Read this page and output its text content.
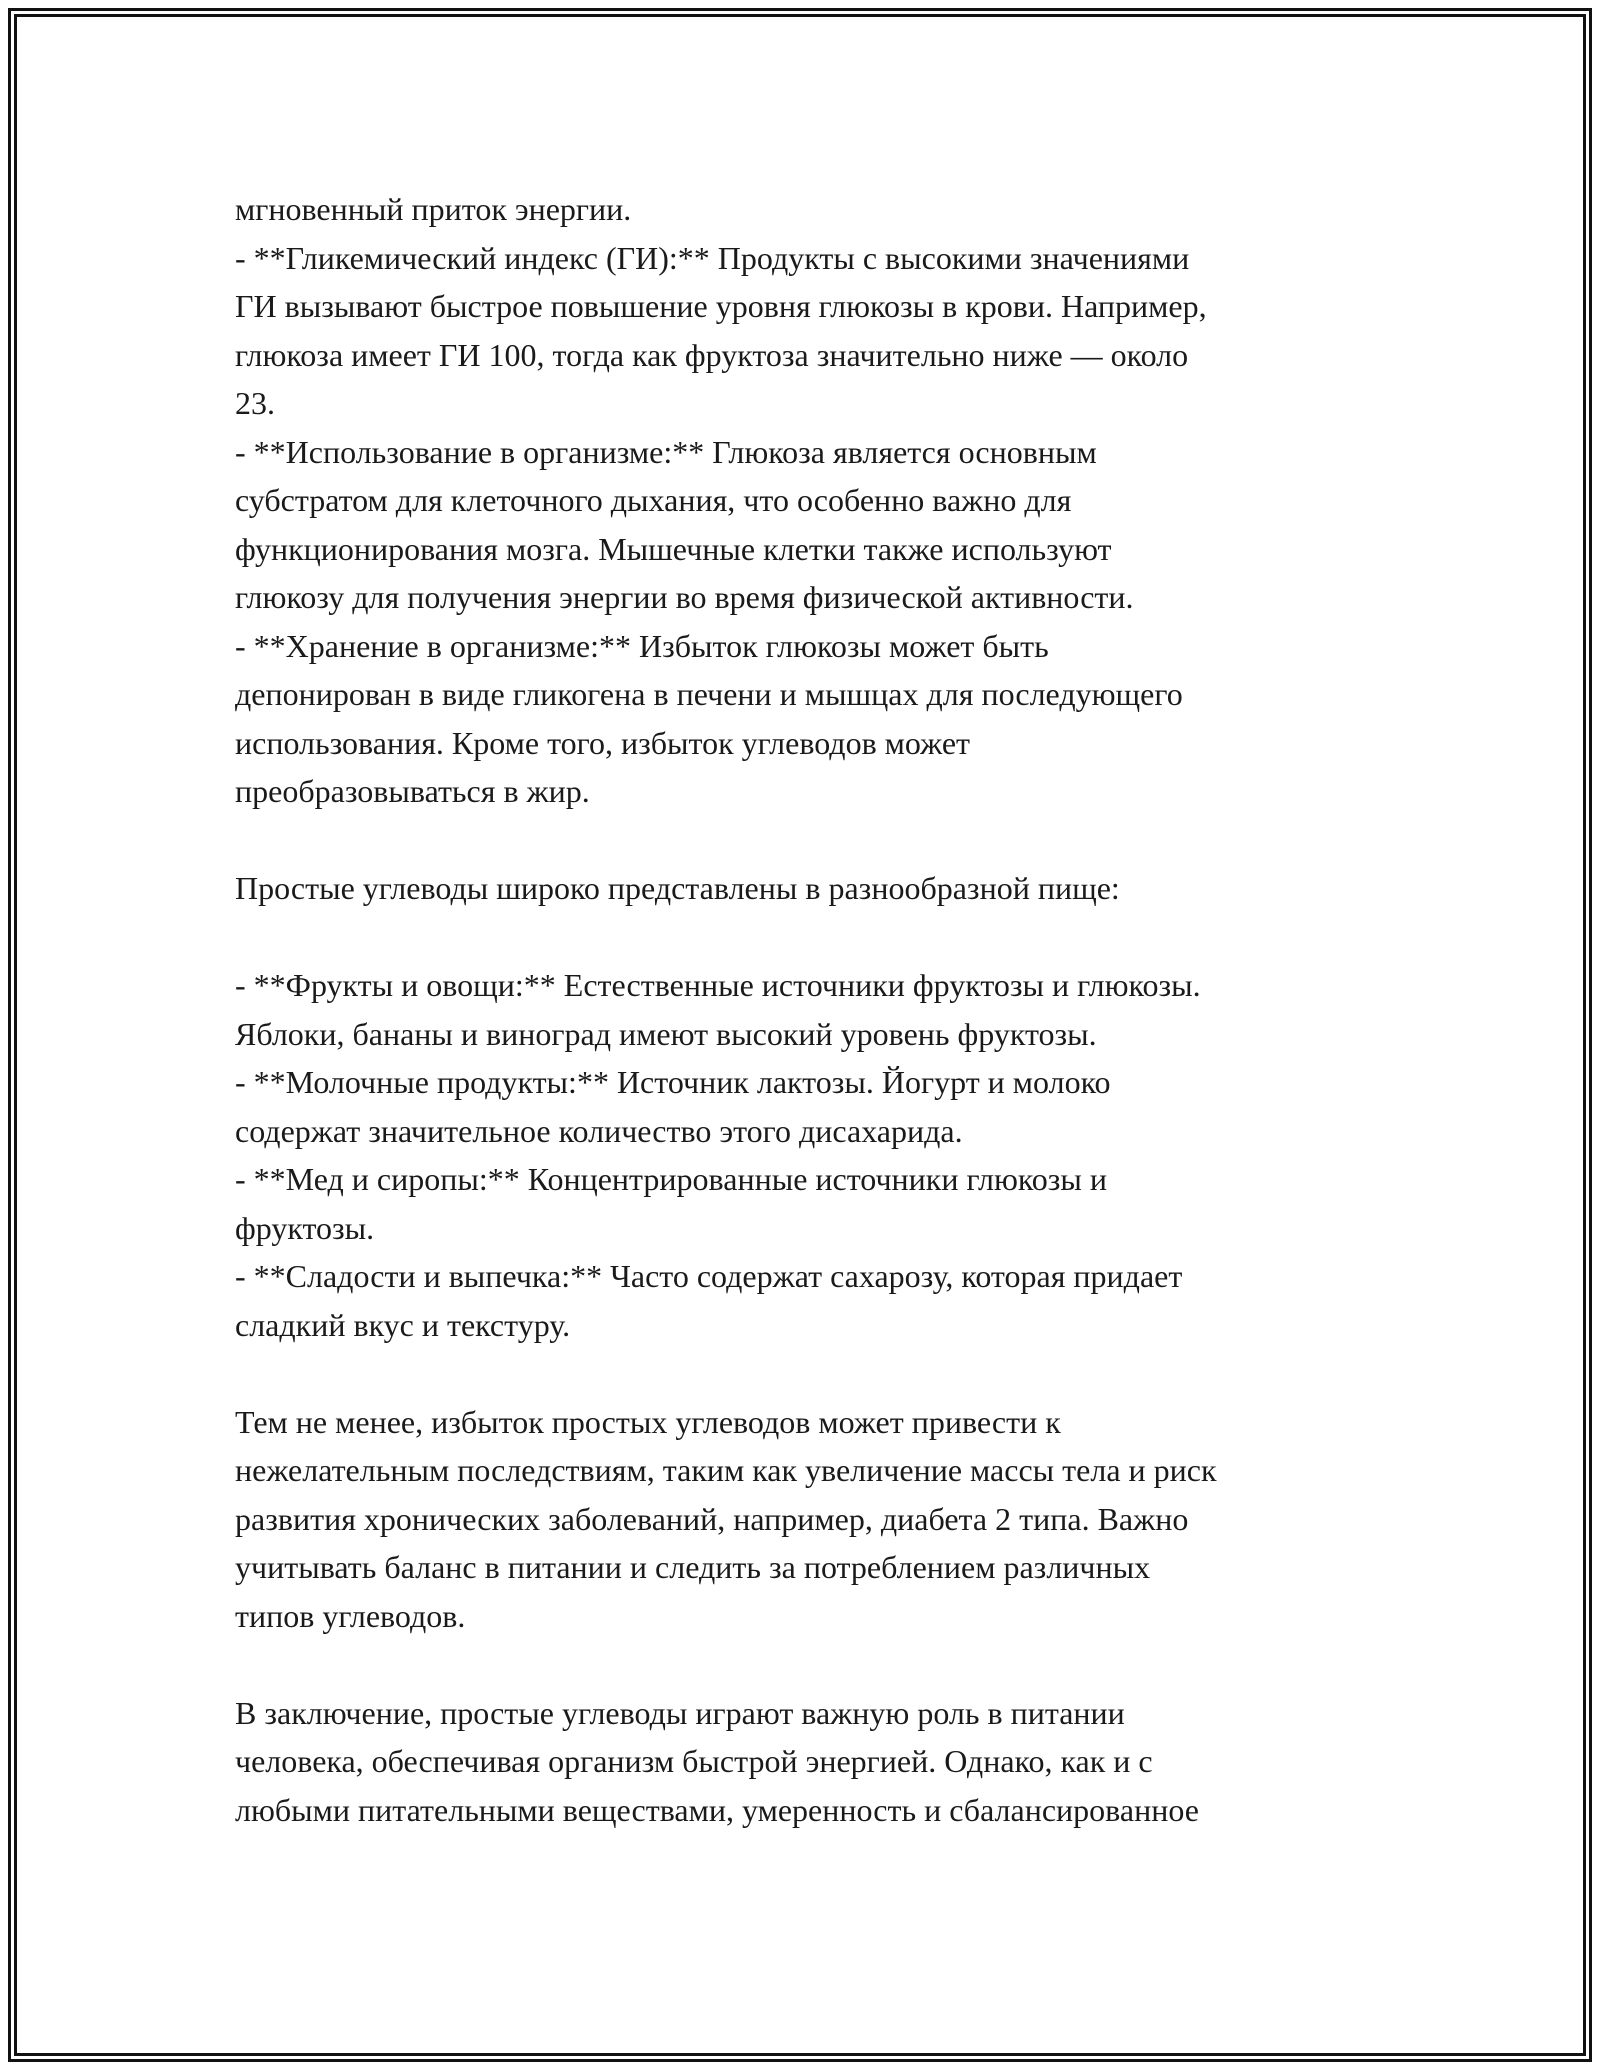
мгновенный приток энергии.
- **Гликемический индекс (ГИ):** Продукты с высокими значениями
ГИ вызывают быстрое повышение уровня глюкозы в крови. Например,
глюкоза имеет ГИ 100, тогда как фруктоза значительно ниже — около
23.
- **Использование в организме:** Глюкоза является основным
субстратом для клеточного дыхания, что особенно важно для
функционирования мозга. Мышечные клетки также используют
глюкозу для получения энергии во время физической активности.
- **Хранение в организме:** Избыток глюкозы может быть
депонирован в виде гликогена в печени и мышцах для последующего
использования. Кроме того, избыток углеводов может
преобразовываться в жир.
Простые углеводы широко представлены в разнообразной пище:
- **Фрукты и овощи:** Естественные источники фруктозы и глюкозы.
Яблоки, бананы и виноград имеют высокий уровень фруктозы.
- **Молочные продукты:** Источник лактозы. Йогурт и молоко
содержат значительное количество этого дисахарида.
- **Мед и сиропы:** Концентрированные источники глюкозы и
фруктозы.
- **Сладости и выпечка:** Часто содержат сахарозу, которая придает
сладкий вкус и текстуру.
Тем не менее, избыток простых углеводов может привести к
нежелательным последствиям, таким как увеличение массы тела и риск
развития хронических заболеваний, например, диабета 2 типа. Важно
учитывать баланс в питании и следить за потреблением различных
типов углеводов.
В заключение, простые углеводы играют важную роль в питании
человека, обеспечивая организм быстрой энергией. Однако, как и с
любыми питательными веществами, умеренность и сбалансированное
